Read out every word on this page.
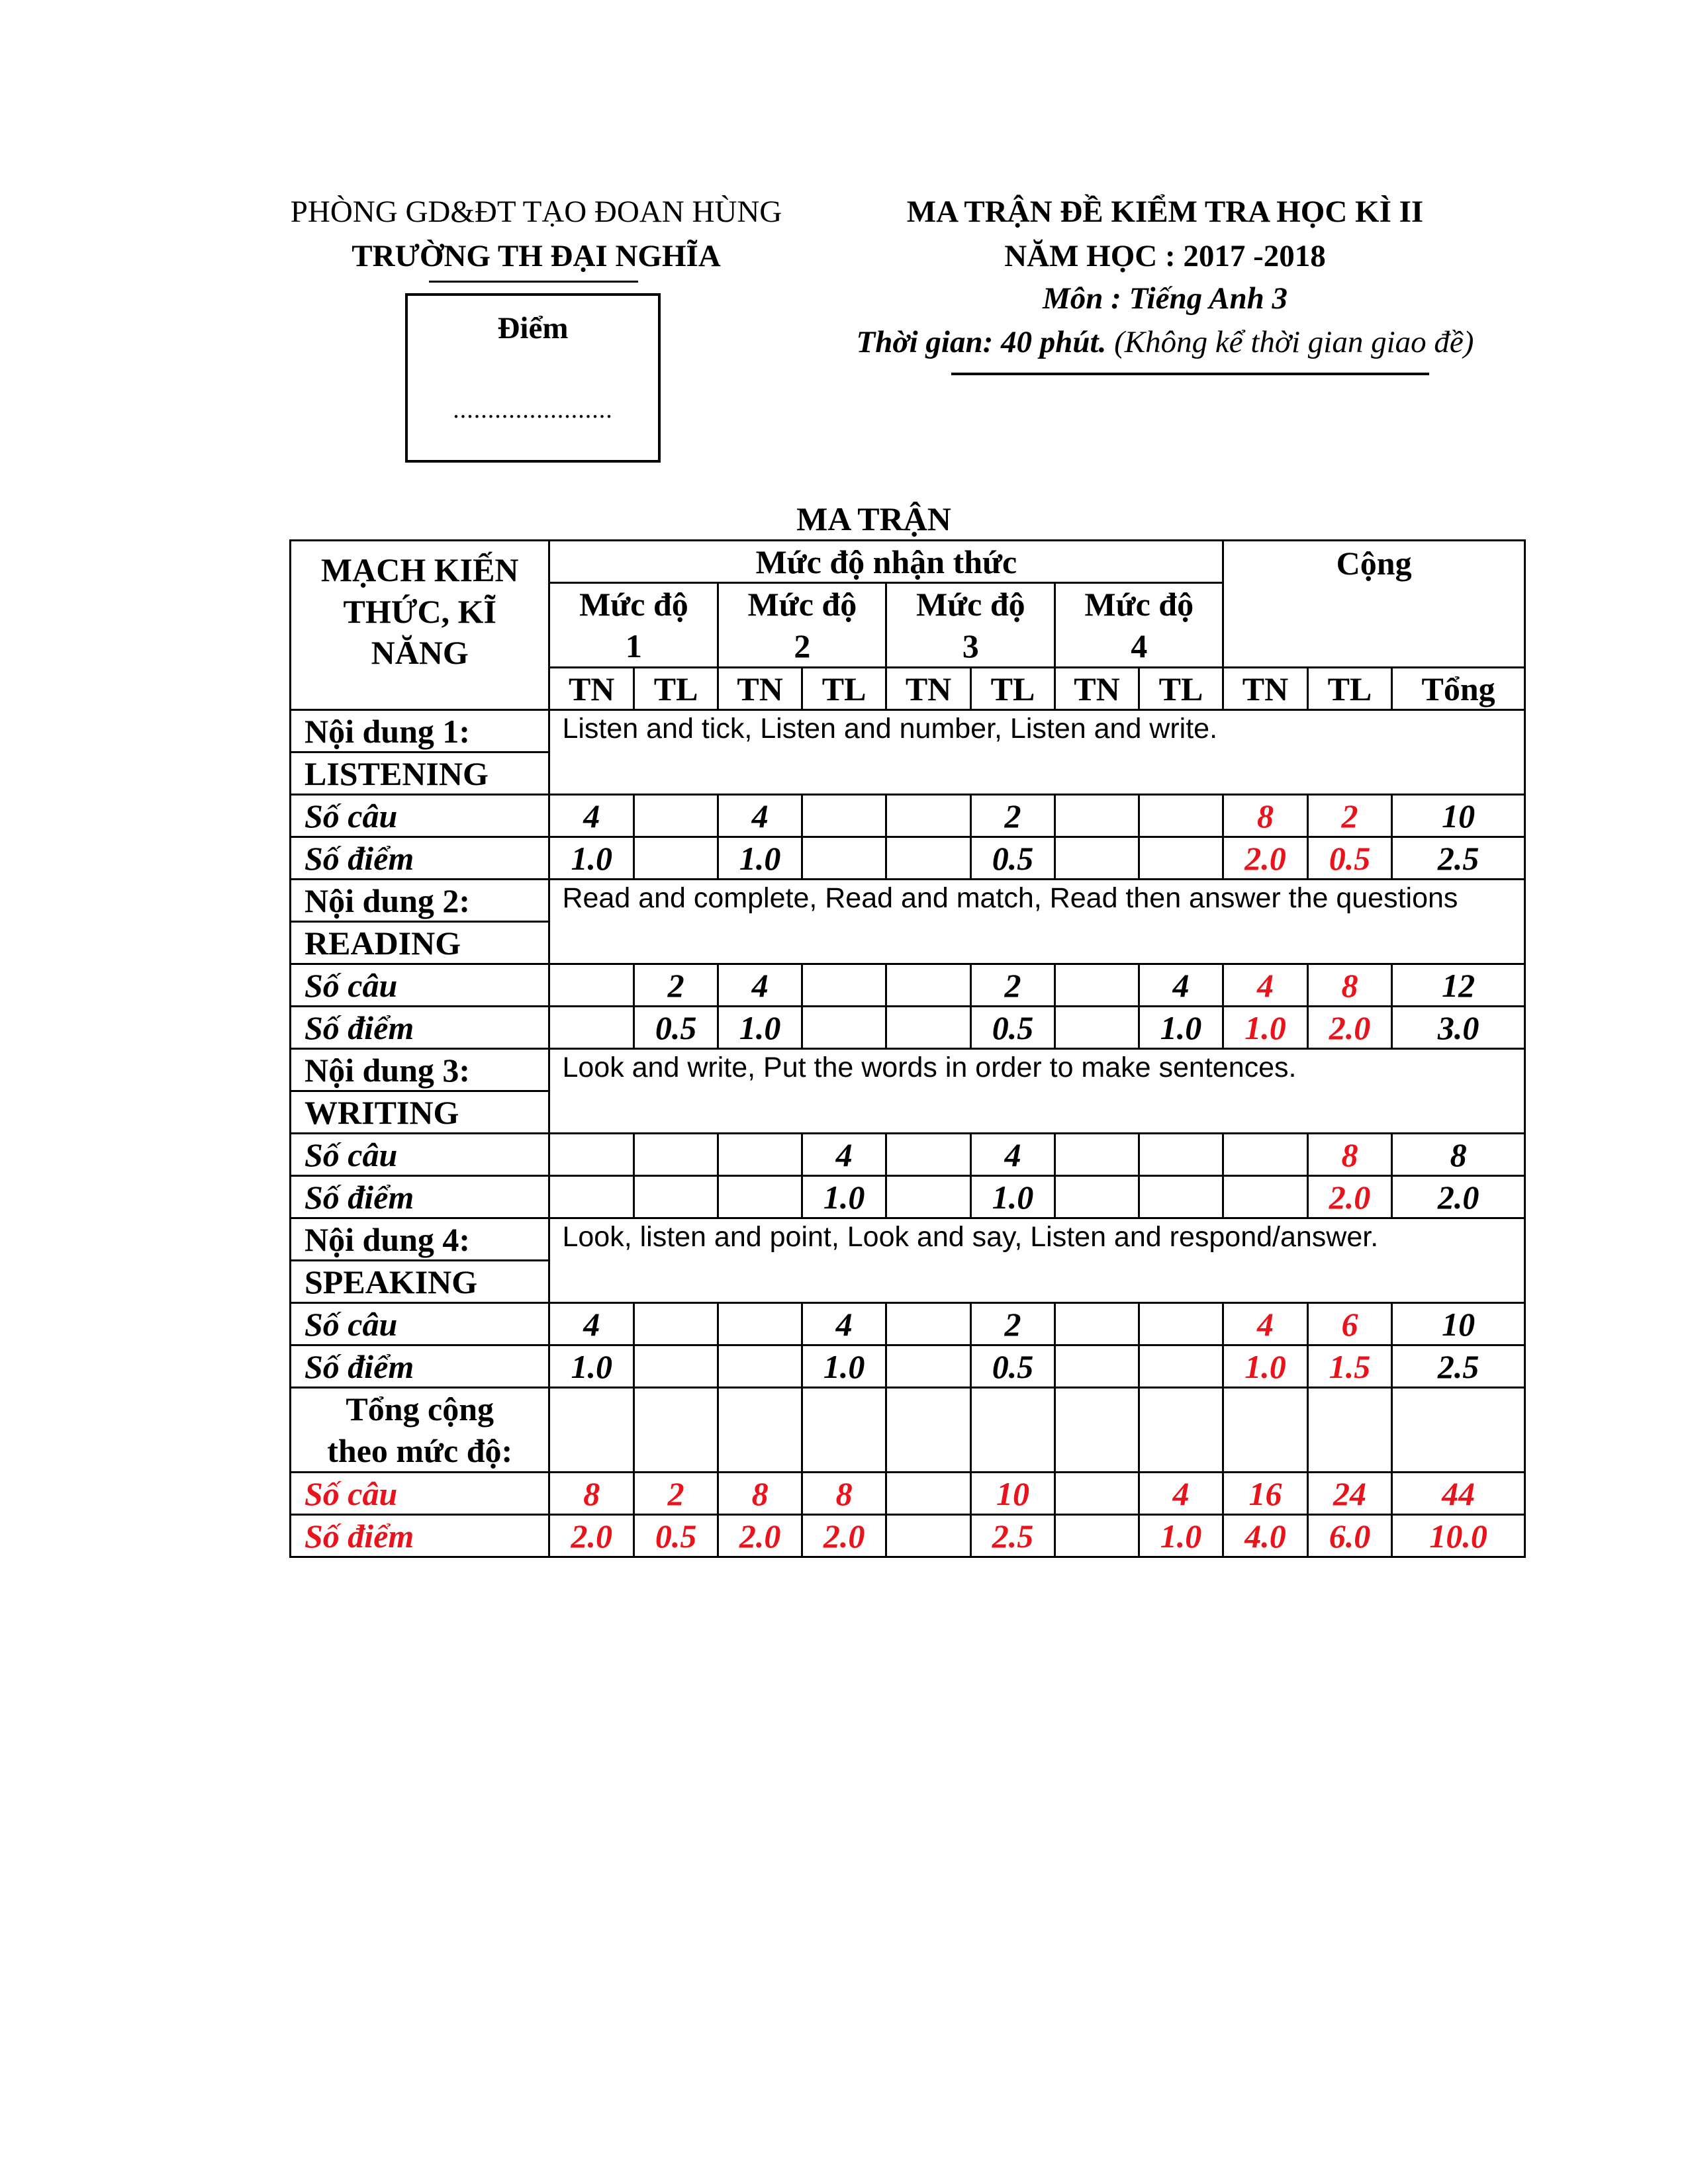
PHÒNG GD&ĐT TẠO ĐOAN HÙNG
TRƯỜNG TH ĐẠI NGHĨA
Điểm
.......................
MA TRẬN ĐỀ KIỂM TRA HỌC KÌ II
NĂM HỌC : 2017 -2018
Môn : Tiếng Anh 3
Thời gian: 40 phút. (Không kể thời gian giao đề)
MA TRẬN
MẠCH KIẾN
THỨC, KĨ
NĂNG	Mức độ nhận thức								Cộng		
	Mức độ
1		Mức độ
2		Mức độ
3		Mức độ
4				
	TN	TL	TN	TL	TN	TL	TN	TL	TN	TL	Tổng
Nội dung 1:	Listen and tick, Listen and number, Listen and write.										
LISTENING											
Số câu	4		4			2			8	2	10
Số điểm	1.0		1.0			0.5			2.0	0.5	2.5
Nội dung 2:	Read and complete, Read and match, Read then answer the questions										
READING											
Số câu		2	4			2		4	4	8	12
Số điểm		0.5	1.0			0.5		1.0	1.0	2.0	3.0
Nội dung 3:	Look and write, Put the words in order to make sentences.										
WRITING											
Số câu				4		4				8	8
Số điểm				1.0		1.0				2.0	2.0
Nội dung 4:	Look, listen and point, Look and say, Listen and respond/answer.										
SPEAKING											
Số câu	4			4		2			4	6	10
Số điểm	1.0			1.0		0.5			1.0	1.5	2.5
Tổng cộng
theo mức độ:											
Số câu	8	2	8	8		10		4	16	24	44
Số điểm	2.0	0.5	2.0	2.0		2.5		1.0	4.0	6.0	10.0
